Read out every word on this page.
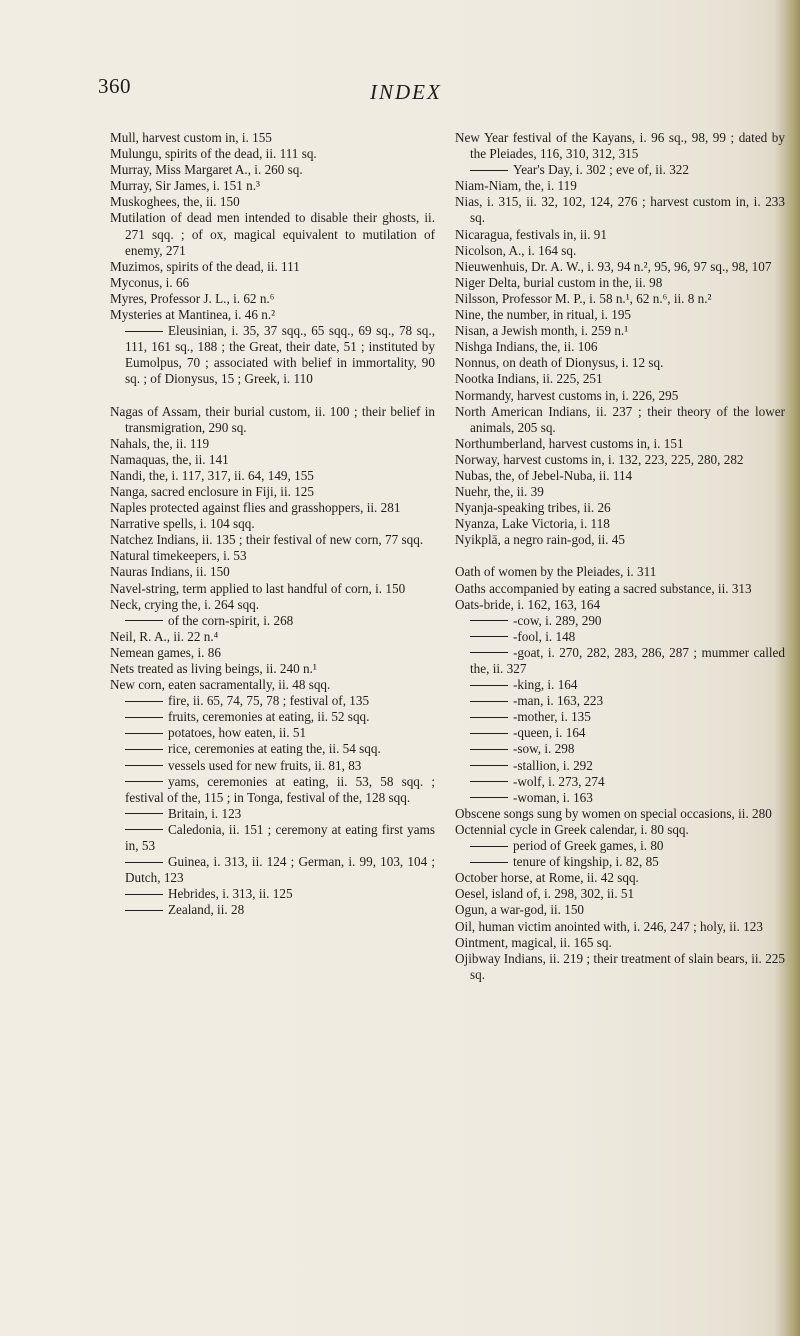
360	INDEX

Mull, harvest custom in, i. 155

Mulungu, spirits of the dead, ii. 111 sq.

Murray, Miss Margaret A., i. 260 sq.

Murray, Sir James, i. 151 n.³

Muskoghees, the, ii. 150

Mutilation of dead men intended to disable their ghosts, ii. 271 sqq. ; of ox, magical equivalent to mutilation of enemy, 271

Muzimos, spirits of the dead, ii. 111

Myconus, i. 66

Myres, Professor J. L., i. 62 n.⁶

Mysteries at Mantinea, i. 46 n.²

Eleusinian, i. 35, 37 sqq., 65 sqq., 69 sq., 78 sq., 111, 161 sq., 188 ; the Great, their date, 51 ; instituted by Eumolpus, 70 ; associated with belief in immortality, 90 sq. ; of Dionysus, 15 ; Greek, i. 110

Nagas of Assam, their burial custom, ii. 100 ; their belief in transmigration, 290 sq.

Nahals, the, ii. 119

Namaquas, the, ii. 141

Nandi, the, i. 117, 317, ii. 64, 149, 155

Nanga, sacred enclosure in Fiji, ii. 125

Naples protected against flies and grasshoppers, ii. 281

Narrative spells, i. 104 sqq.

Natchez Indians, ii. 135 ; their festival of new corn, 77 sqq.

Natural timekeepers, i. 53

Nauras Indians, ii. 150

Navel-string, term applied to last handful of corn, i. 150

Neck, crying the, i. 264 sqq.

of the corn-spirit, i. 268

Neil, R. A., ii. 22 n.⁴

Nemean games, i. 86

Nets treated as living beings, ii. 240 n.¹

New corn, eaten sacramentally, ii. 48 sqq.

fire, ii. 65, 74, 75, 78 ; festival of, 135

fruits, ceremonies at eating, ii. 52 sqq.

potatoes, how eaten, ii. 51

rice, ceremonies at eating the, ii. 54 sqq.

vessels used for new fruits, ii. 81, 83

yams, ceremonies at eating, ii. 53, 58 sqq. ; festival of the, 115 ; in Tonga, festival of the, 128 sqq.

Britain, i. 123

Caledonia, ii. 151 ; ceremony at eating first yams in, 53

Guinea, i. 313, ii. 124 ; German, i. 99, 103, 104 ; Dutch, 123

Hebrides, i. 313, ii. 125

Zealand, ii. 28

New Year festival of the Kayans, i. 96 sq., 98, 99 ; dated by the Pleiades, 116, 310, 312, 315

Year's Day, i. 302 ; eve of, ii. 322

Niam-Niam, the, i. 119

Nias, i. 315, ii. 32, 102, 124, 276 ; harvest custom in, i. 233 sq.

Nicaragua, festivals in, ii. 91

Nicolson, A., i. 164 sq.

Nieuwenhuis, Dr. A. W., i. 93, 94 n.², 95, 96, 97 sq., 98, 107

Niger Delta, burial custom in the, ii. 98

Nilsson, Professor M. P., i. 58 n.¹, 62 n.⁶, ii. 8 n.²

Nine, the number, in ritual, i. 195

Nisan, a Jewish month, i. 259 n.¹

Nishga Indians, the, ii. 106

Nonnus, on death of Dionysus, i. 12 sq.

Nootka Indians, ii. 225, 251

Normandy, harvest customs in, i. 226, 295

North American Indians, ii. 237 ; their theory of the lower animals, 205 sq.

Northumberland, harvest customs in, i. 151

Norway, harvest customs in, i. 132, 223, 225, 280, 282

Nubas, the, of Jebel-Nuba, ii. 114

Nuehr, the, ii. 39

Nyanja-speaking tribes, ii. 26

Nyanza, Lake Victoria, i. 118

Nyikplā, a negro rain-god, ii. 45

Oath of women by the Pleiades, i. 311

Oaths accompanied by eating a sacred substance, ii. 313

Oats-bride, i. 162, 163, 164

-cow, i. 289, 290

-fool, i. 148

-goat, i. 270, 282, 283, 286, 287 ; mummer called the, ii. 327

-king, i. 164

-man, i. 163, 223

-mother, i. 135

-queen, i. 164

-sow, i. 298

-stallion, i. 292

-wolf, i. 273, 274

-woman, i. 163

Obscene songs sung by women on special occasions, ii. 280

Octennial cycle in Greek calendar, i. 80 sqq.

period of Greek games, i. 80

tenure of kingship, i. 82, 85

October horse, at Rome, ii. 42 sqq.

Oesel, island of, i. 298, 302, ii. 51

Ogun, a war-god, ii. 150

Oil, human victim anointed with, i. 246, 247 ; holy, ii. 123

Ointment, magical, ii. 165 sq.

Ojibway Indians, ii. 219 ; their treatment of slain bears, ii. 225 sq.
